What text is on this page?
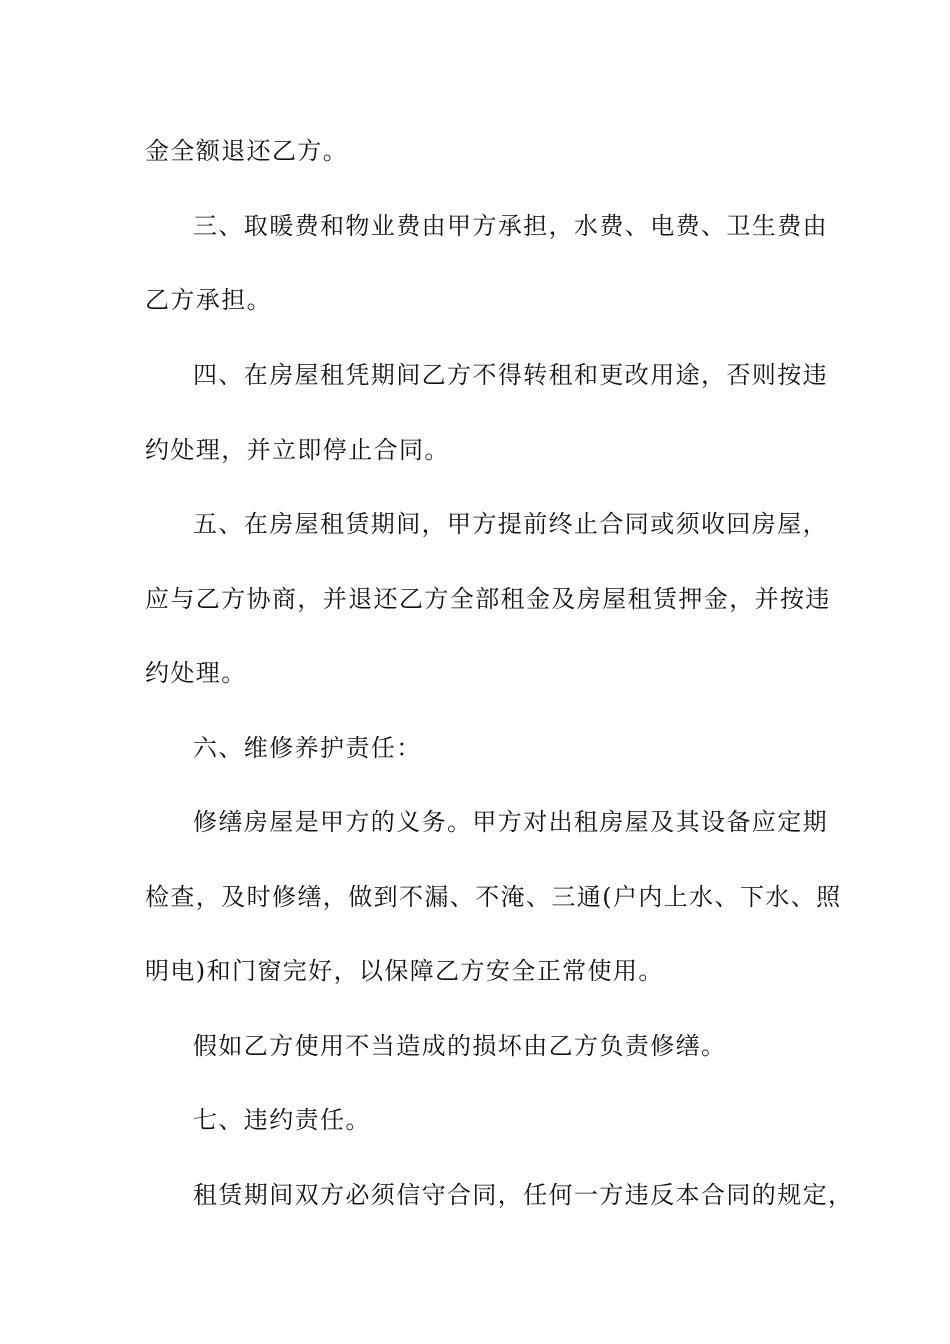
金全额退还乙方。
三、取暖费和物业费由甲方承担，水费、电费、卫生费由
乙方承担。
四、在房屋租凭期间乙方不得转租和更改用途，否则按违
约处理，并立即停止合同。
五、在房屋租赁期间，甲方提前终止合同或须收回房屋，
应与乙方协商，并退还乙方全部租金及房屋租赁押金，并按违
约处理。
六、维修养护责任：
修缮房屋是甲方的义务。甲方对出租房屋及其设备应定期
检查，及时修缮，做到不漏、不淹、三通(户内上水、下水、照
明电)和门窗完好，以保障乙方安全正常使用。
假如乙方使用不当造成的损坏由乙方负责修缮。
七、违约责任。
租赁期间双方必须信守合同，任何一方违反本合同的规定，
